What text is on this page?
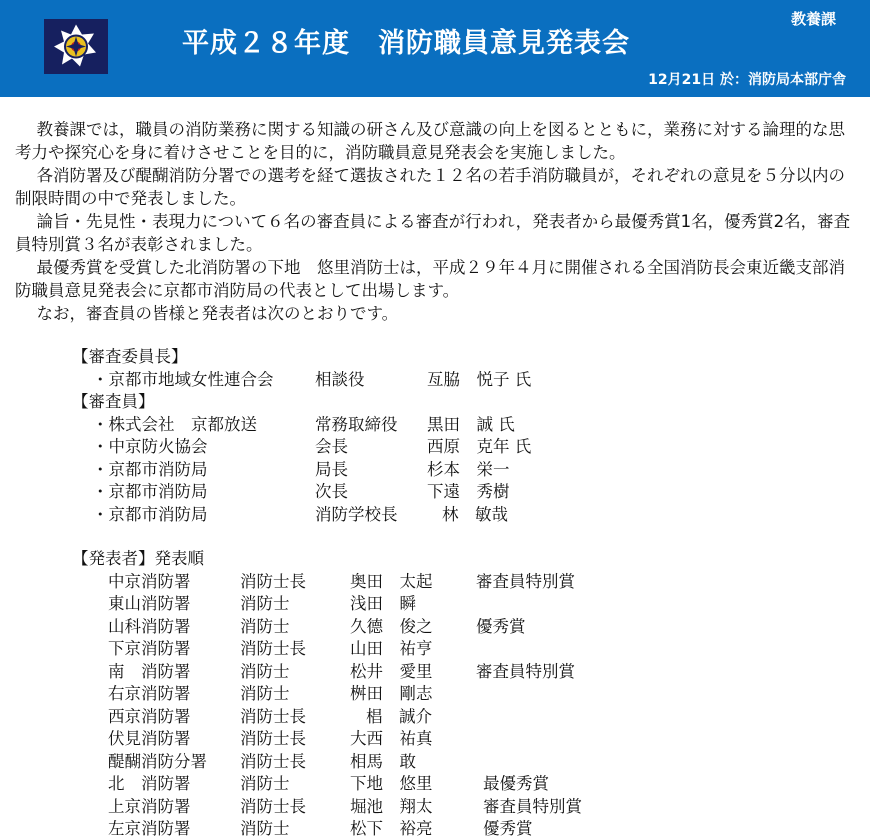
平成２８年度　消防職員意見発表会
教養課
12月21日 於：消防局本部庁舎

教養課では，職員の消防業務に関する知識の研さん及び意識の向上を図るとともに，業務に対する論理的な思考力や探究心を身に着けさせことを目的に，消防職員意見発表会を実施しました。

各消防署及び醍醐消防分署での選考を経て選抜された１２名の若手消防職員が，それぞれの意見を５分以内の制限時間の中で発表しました。

論旨・先見性・表現力について６名の審査員による審査が行われ，発表者から最優秀賞1名，優秀賞2名，審査員特別賞３名が表彰されました。

最優秀賞を受賞した北消防署の下地　悠里消防士は，平成２９年４月に開催される全国消防長会東近畿支部消防職員意見発表会に京都市消防局の代表として出場します。

なお，審査員の皆様と発表者は次のとおりです。

【審査委員長】
・京都市地域女性連合会	相談役	亙脇　悦子 氏
【審査員】
・株式会社　京都放送	常務取締役 黒田　誠 氏
・中京防火協会	会長	西原　克年 氏
・京都市消防局	局長	杉本　栄一
・京都市消防局	次長	下遠　秀樹
・京都市消防局	消防学校長	林　敏哉
【発表者】発表順
中京消防署	消防士長	奥田　太起	審査員特別賞
東山消防署	消防士	浅田　瞬
山科消防署	消防士	久德　俊之	優秀賞
下京消防署	消防士長	山田　祐亨
南　消防署	消防士	松井　愛里	審査員特別賞
右京消防署	消防士	桝田　剛志
西京消防署	消防士長	椙　誠介
伏見消防署	消防士長	大西　祐真
醍醐消防分署 消防士長	相馬　敢
北　消防署	消防士	下地　悠里	最優秀賞
上京消防署	消防士長	堀池　翔太	審査員特別賞
左京消防署	消防士	松下　裕亮	優秀賞
